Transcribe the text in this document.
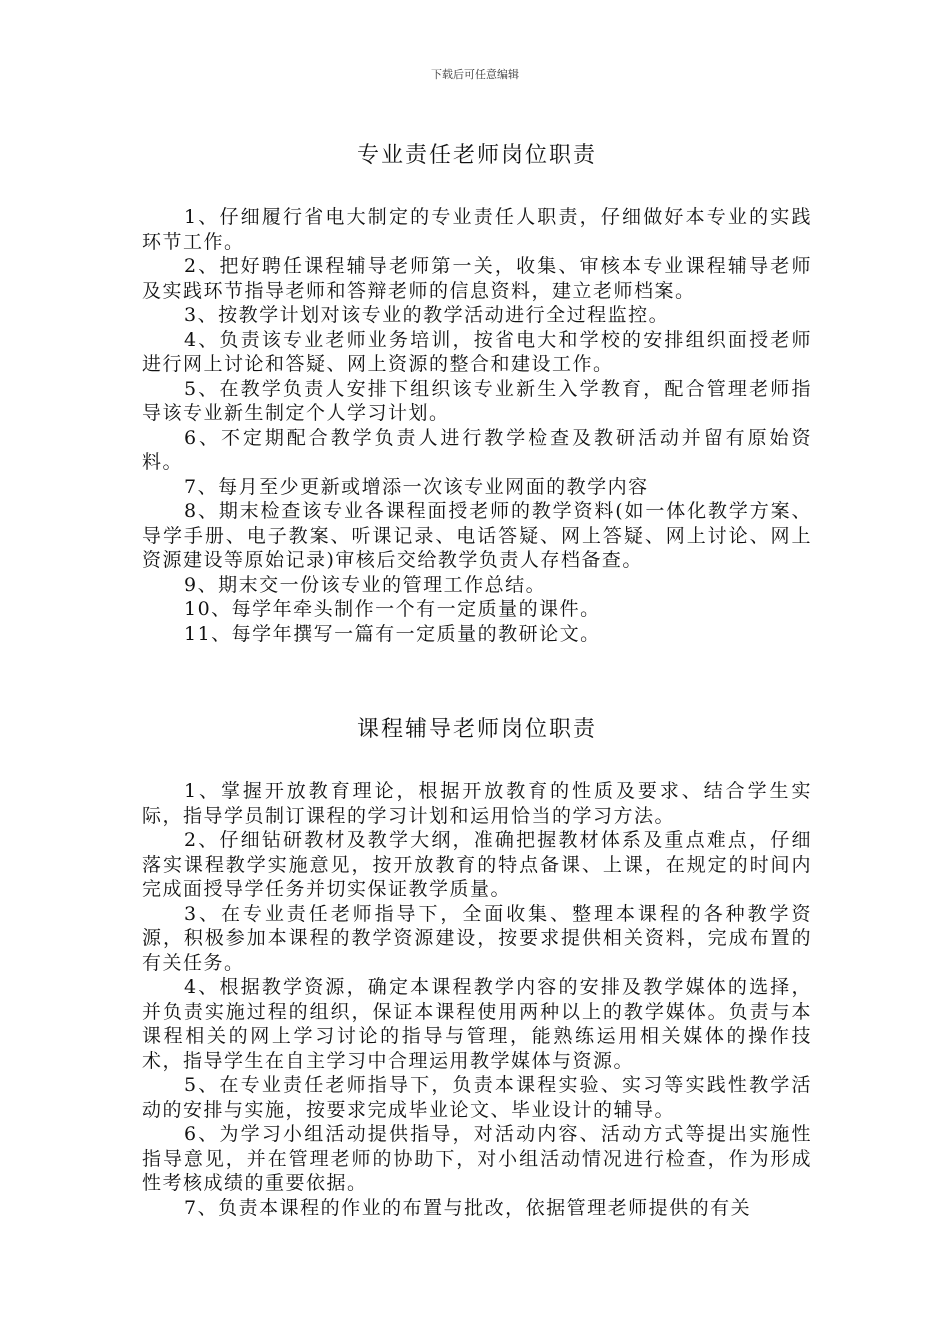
下载后可任意编辑
专业责任老师岗位职责

1、仔细履行省电大制定的专业责任人职责，仔细做好本专业的实践环节工作。

2、把好聘任课程辅导老师第一关，收集、审核本专业课程辅导老师及实践环节指导老师和答辩老师的信息资料，建立老师档案。

3、按教学计划对该专业的教学活动进行全过程监控。

4、负责该专业老师业务培训，按省电大和学校的安排组织面授老师进行网上讨论和答疑、网上资源的整合和建设工作。

5、在教学负责人安排下组织该专业新生入学教育，配合管理老师指导该专业新生制定个人学习计划。

6、不定期配合教学负责人进行教学检查及教研活动并留有原始资料。

7、每月至少更新或增添一次该专业网面的教学内容

8、期末检查该专业各课程面授老师的教学资料(如一体化教学方案、导学手册、电子教案、听课记录、电话答疑、网上答疑、网上讨论、网上资源建设等原始记录)审核后交给教学负责人存档备查。

9、期末交一份该专业的管理工作总结。

10、每学年牵头制作一个有一定质量的课件。

11、每学年撰写一篇有一定质量的教研论文。

课程辅导老师岗位职责

1、掌握开放教育理论，根据开放教育的性质及要求、结合学生实际，指导学员制订课程的学习计划和运用恰当的学习方法。

2、仔细钻研教材及教学大纲，准确把握教材体系及重点难点，仔细落实课程教学实施意见，按开放教育的特点备课、上课，在规定的时间内完成面授导学任务并切实保证教学质量。

3、在专业责任老师指导下，全面收集、整理本课程的各种教学资源，积极参加本课程的教学资源建设，按要求提供相关资料，完成布置的有关任务。

4、根据教学资源，确定本课程教学内容的安排及教学媒体的选择，并负责实施过程的组织，保证本课程使用两种以上的教学媒体。负责与本课程相关的网上学习讨论的指导与管理，能熟练运用相关媒体的操作技术，指导学生在自主学习中合理运用教学媒体与资源。

5、在专业责任老师指导下，负责本课程实验、实习等实践性教学活动的安排与实施，按要求完成毕业论文、毕业设计的辅导。

6、为学习小组活动提供指导，对活动内容、活动方式等提出实施性指导意见，并在管理老师的协助下，对小组活动情况进行检查，作为形成性考核成绩的重要依据。

7、负责本课程的作业的布置与批改，依据管理老师提供的有关
